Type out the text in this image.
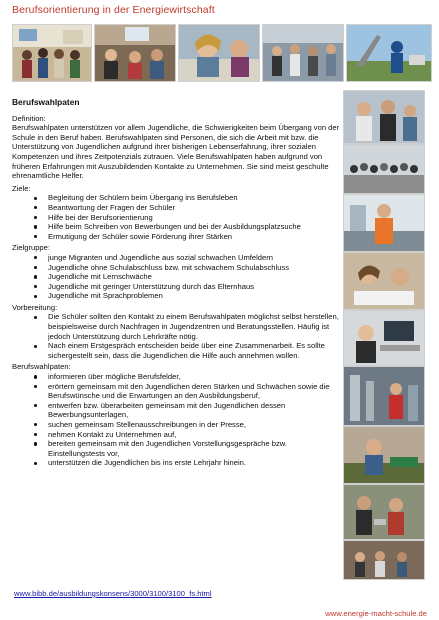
Berufsorientierung in der Energiewirtschaft
Berufswahlpaten
Definition:
Berufswahlpaten unterstützen vor allem Jugendliche, die Schwierigkeiten beim Übergang von der Schule in den Beruf haben. Berufswahlpaten sind Personen, die sich die Arbeit mit bzw. die Unterstützung von Jugendlichen aufgrund ihrer bisherigen Lebenserfahrung, ihrer sozialen Kompetenzen und ihres Zeitpotenzials zutrauen. Viele Berufswahlpaten haben aufgrund von früheren Erfahrungen mit Auszubildenden Kontakte zu Unternehmen. Sie sind meist geschulte ehrenamtliche Helfer.
Ziele:
Begleitung der Schülern beim Übergang ins Berufsleben
Beantwortung der Fragen der Schüler
Hilfe bei der Berufsorientierung
Hilfe beim Schreiben von Bewerbungen und bei der Ausbildungsplatzsuche
Ermutigung der Schüler sowie Förderung ihrer Stärken
Zielgruppe:
junge Migranten und Jugendliche aus sozial schwachen Umfeldern
Jugendliche ohne Schulabschluss bzw. mit schwachem Schulabschluss
Jugendliche mit Lernschwäche
Jugendliche mit geringer Unterstützung durch das Elternhaus
Jugendliche mit Sprachproblemen
Vorbereitung:
Die Schüler sollten den Kontakt zu einem Berufswahlpaten möglichst selbst herstellen, beispielsweise durch Nachfragen in Jugendzentren und Beratungsstellen. Häufig ist jedoch Unterstützung durch Lehrkräfte nötig.
Nach einem Erstgespräch entscheiden beide über eine Zusammenarbeit. Es sollte sichergestellt sein, dass die Jugendlichen die Hilfe auch annehmen wollen.
Berufswahlpaten:
informieren über mögliche Berufsfelder,
erörtern gemeinsam mit den Jugendlichen deren Stärken und Schwächen sowie die Berufswünsche und die Erwartungen an den Ausbildungsberuf,
entwerfen bzw. überarbeiten gemeinsam mit den Jugendlichen dessen Bewerbungsunterlagen,
suchen gemeinsam Stellenausschreibungen in der Presse,
nehmen Kontakt zu Unternehmen auf,
bereiten gemeinsam mit den Jugendlichen Vorstellungsgespräche bzw. Einstellungstests vor,
unterstützen die Jugendlichen bis ins erste Lehrjahr hinein.
www.bibb.de/ausbildungskonsens/3000/3100/3100_fs.html
www.energie-macht-schule.de
